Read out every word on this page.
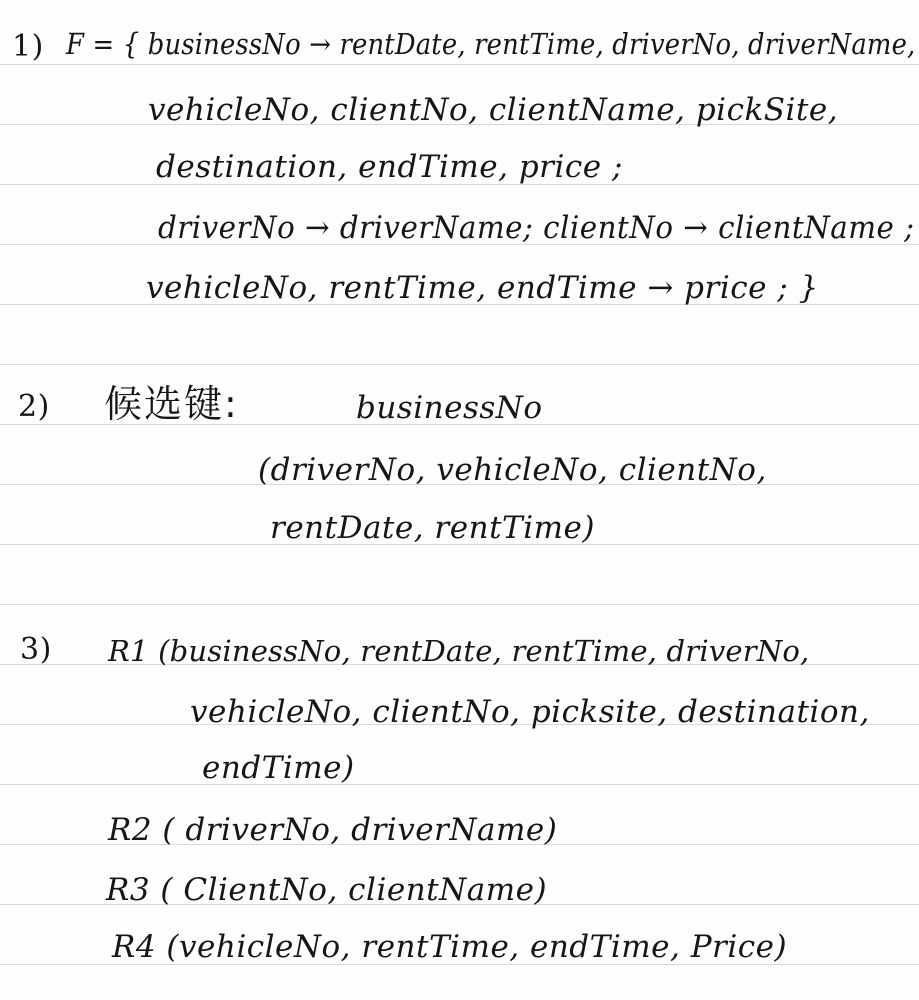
1) F = { businessNo → rentDate, rentTime, driverNo, driverName,
vehicleNo, clientNo, clientName, pickSite,
destination, endTime, price ;
driverNo → driverName; clientNo → clientName ;
vehicleNo, rentTime, endTime → price ; }
2) 候选键:	businessNo
(driverNo, vehicleNo, clientNo,
rentDate, rentTime)
3) R1 (businessNo, rentDate, rentTime, driverNo,
vehicleNo, clientNo, picksite, destination,
endTime)
R2 ( driverNo, driverName)
R3 ( ClientNo, clientName)
R4 (vehicleNo, rentTime, endTime, Price)
